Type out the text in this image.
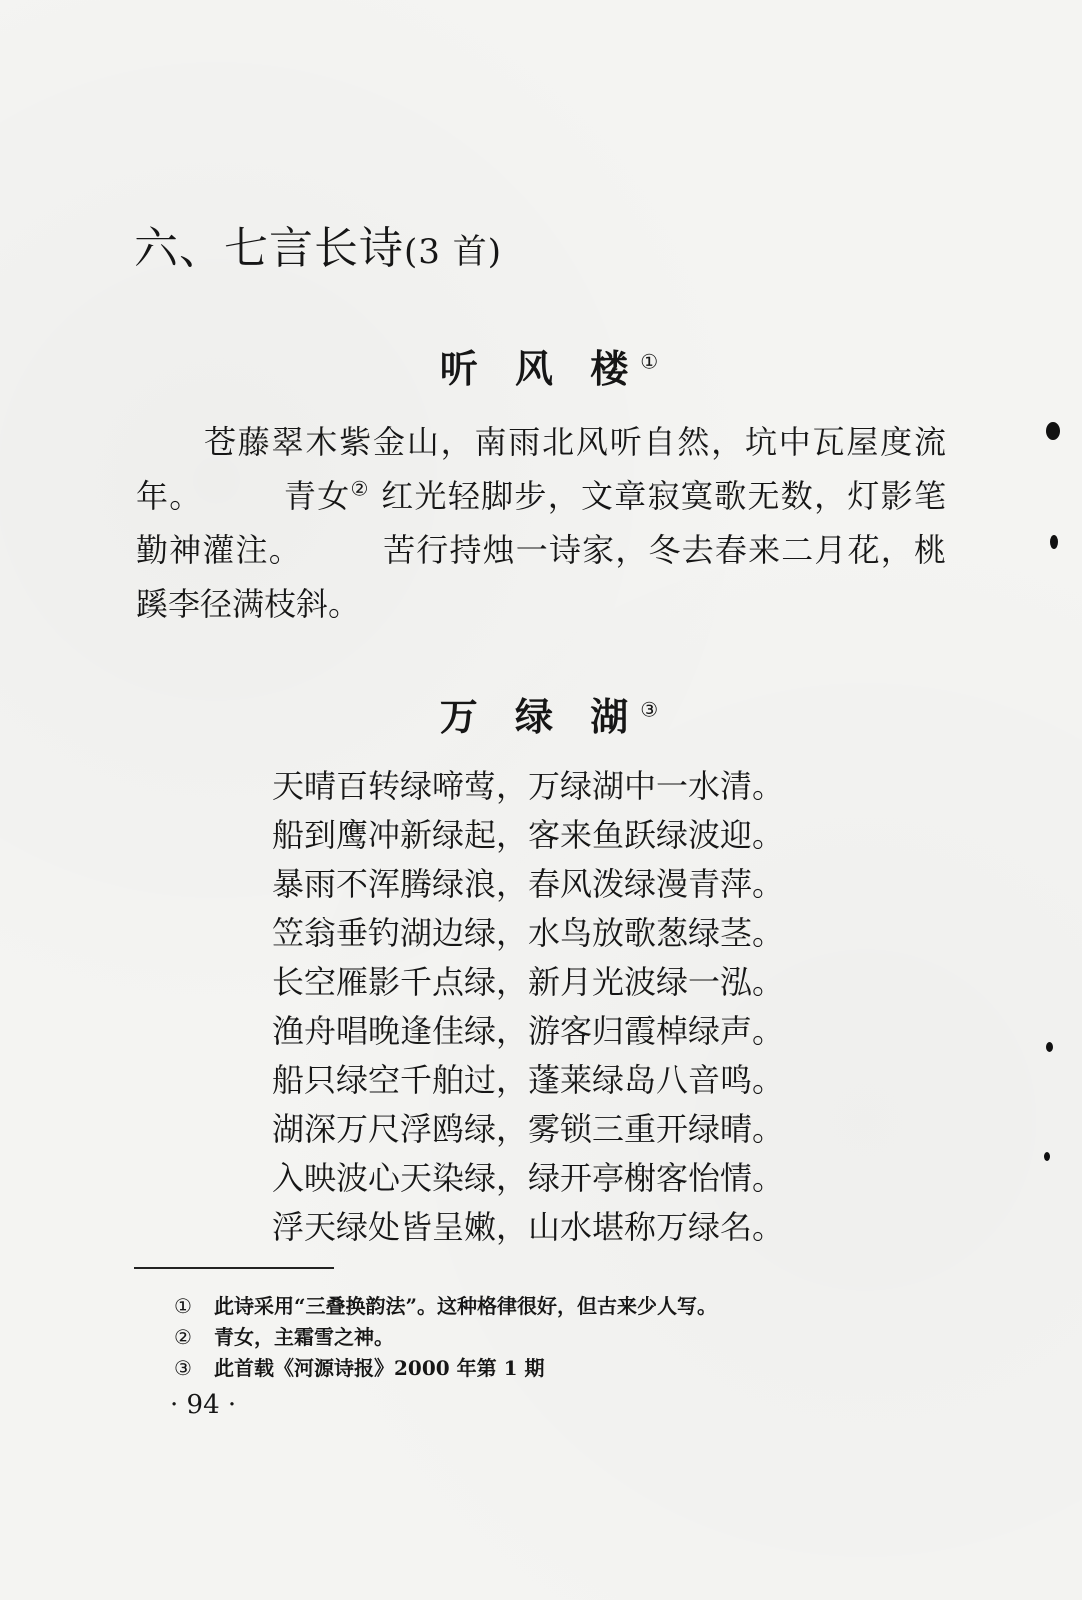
六、七言长诗(3 首)
听 风 楼①

苍藤翠木紫金山，南雨北风听自然，坑中瓦屋度流年。	青女② 红光轻脚步，文章寂寞歌无数，灯影笔勤神灌注。	苦行持烛一诗家，冬去春来二月花，桃蹊李径满枝斜。

万 绿 湖③
天晴百转绿啼莺，万绿湖中一水清。
船到鹰冲新绿起，客来鱼跃绿波迎。
暴雨不浑腾绿浪，春风泼绿漫青萍。
笠翁垂钓湖边绿，水鸟放歌葱绿茎。
长空雁影千点绿，新月光波绿一泓。
渔舟唱晚逢佳绿，游客归霞棹绿声。
船只绿空千舶过，蓬莱绿岛八音鸣。
湖深万尺浮鸥绿，雾锁三重开绿晴。
入映波心天染绿，绿开亭榭客怡情。
浮天绿处皆呈嫩，山水堪称万绿名。
① 此诗采用“三叠换韵法”。这种格律很好，但古来少人写。
② 青女，主霜雪之神。
③ 此首载《河源诗报》2000 年第 1 期
· 94 ·
